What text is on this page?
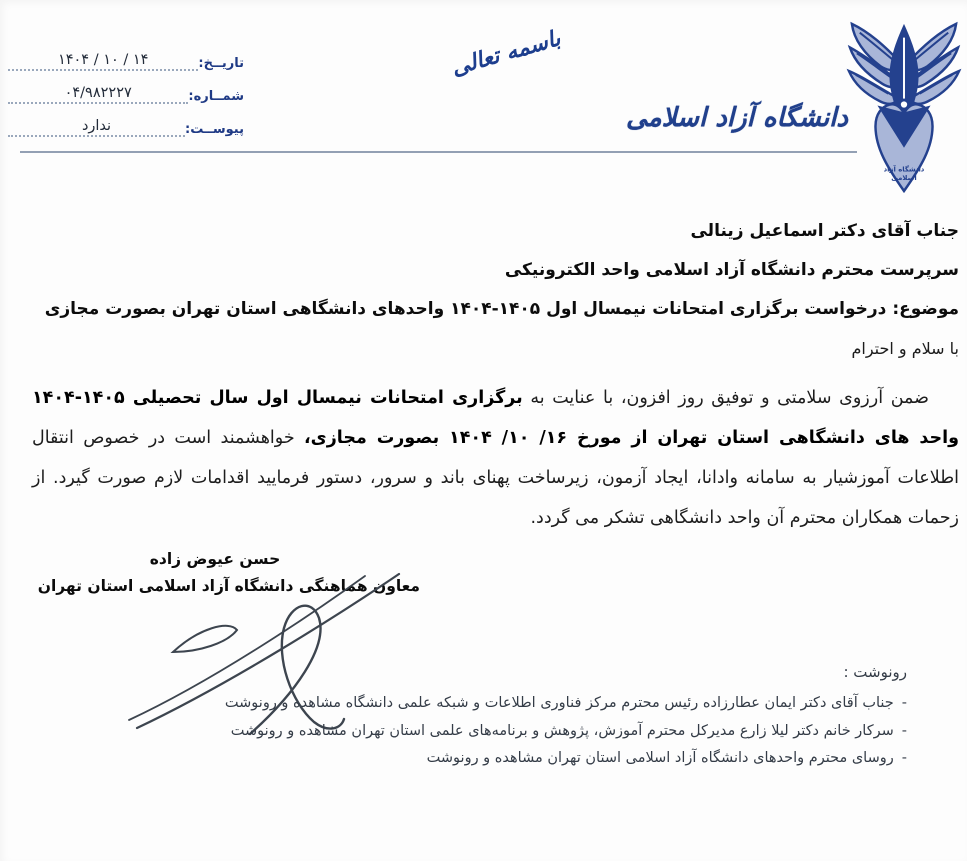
تاریــخ:
۱۴ / ۱۰ / ۱۴۰۴
شمــاره:
۰۴/۹۸۲۲۲۷
پیوســت:
ندارد
باسمه تعالی
دانشگاه آزاد اسلامی
دانشگاه آزاد
اسلامی
جناب آقای دکتر اسماعیل زینالی
سرپرست محترم دانشگاه آزاد اسلامی واحد الکترونیکی
موضوع: درخواست برگزاری امتحانات نیمسال اول ۱۴۰۵-۱۴۰۴ واحدهای دانشگاهی استان تهران بصورت مجازی
با سلام و احترام

ضمن آرزوی سلامتی و توفیق روز افزون، با عنایت به برگزاری امتحانات نیمسال اول سال تحصیلی ۱۴۰۵-۱۴۰۴ واحد های دانشگاهی استان تهران از مورخ ۱۶/ ۱۰/ ۱۴۰۴ بصورت مجازی، خواهشمند است در خصوص انتقال اطلاعات آموزشیار به سامانه وادانا، ایجاد آزمون، زیرساخت پهنای باند و سرور، دستور فرمایید اقدامات لازم صورت گیرد. از زحمات همکاران محترم آن واحد دانشگاهی تشکر می گردد.

حسن عیوض زاده
معاون هماهنگی دانشگاه آزاد اسلامی استان تهران
رونوشت :
-جناب آقای دکتر ایمان عطارزاده رئیس محترم مرکز فناوری اطلاعات و شبکه علمی دانشگاه مشاهده و رونوشت
-سرکار خانم دکتر لیلا زارع مدیرکل محترم آموزش، پژوهش و برنامه‌های علمی استان تهران مشاهده و رونوشت
-روسای محترم واحدهای دانشگاه آزاد اسلامی استان تهران مشاهده و رونوشت
